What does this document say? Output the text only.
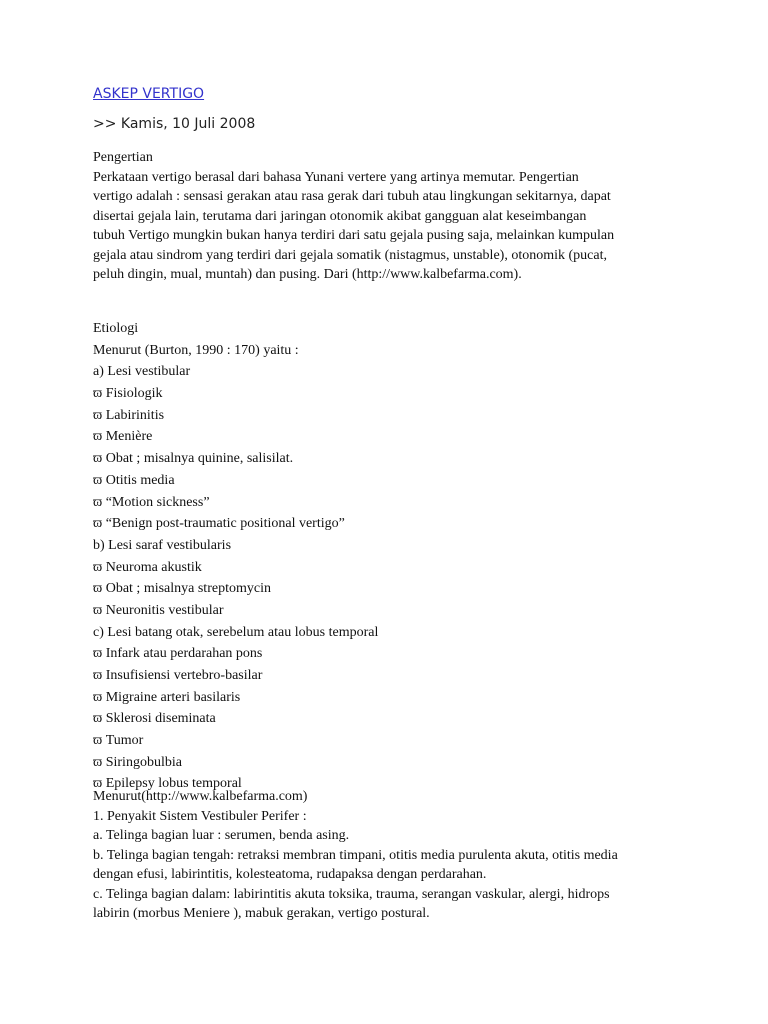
ASKEP VERTIGO
>> Kamis, 10 Juli 2008
Pengertian
Perkataan vertigo berasal dari bahasa Yunani vertere yang artinya memutar. Pengertian
vertigo adalah : sensasi gerakan atau rasa gerak dari tubuh atau lingkungan sekitarnya, dapat
disertai gejala lain, terutama dari jaringan otonomik akibat gangguan alat keseimbangan
tubuh Vertigo mungkin bukan hanya terdiri dari satu gejala pusing saja, melainkan kumpulan
gejala atau sindrom yang terdiri dari gejala somatik (nistagmus, unstable), otonomik (pucat,
peluh dingin, mual, muntah) dan pusing. Dari (http://www.kalbefarma.com).
Etiologi
Menurut (Burton, 1990 : 170) yaitu :
a) Lesi vestibular
ϖ Fisiologik
ϖ Labirinitis
ϖ Menière
ϖ Obat ; misalnya quinine, salisilat.
ϖ Otitis media
ϖ “Motion sickness”
ϖ “Benign post-traumatic positional vertigo”
b) Lesi saraf vestibularis
ϖ Neuroma akustik
ϖ Obat ; misalnya streptomycin
ϖ Neuronitis vestibular
c) Lesi batang otak, serebelum atau lobus temporal
ϖ Infark atau perdarahan pons
ϖ Insufisiensi vertebro-basilar
ϖ Migraine arteri basilaris
ϖ Sklerosi diseminata
ϖ Tumor
ϖ Siringobulbia
ϖ Epilepsy lobus temporal
Menurut(http://www.kalbefarma.com)
1. Penyakit Sistem Vestibuler Perifer :
a. Telinga bagian luar : serumen, benda asing.
b. Telinga bagian tengah: retraksi membran timpani, otitis media purulenta akuta, otitis media
dengan efusi, labirintitis, kolesteatoma, rudapaksa dengan perdarahan.
c. Telinga bagian dalam: labirintitis akuta toksika, trauma, serangan vaskular, alergi, hidrops
labirin (morbus Meniere ), mabuk gerakan, vertigo postural.
